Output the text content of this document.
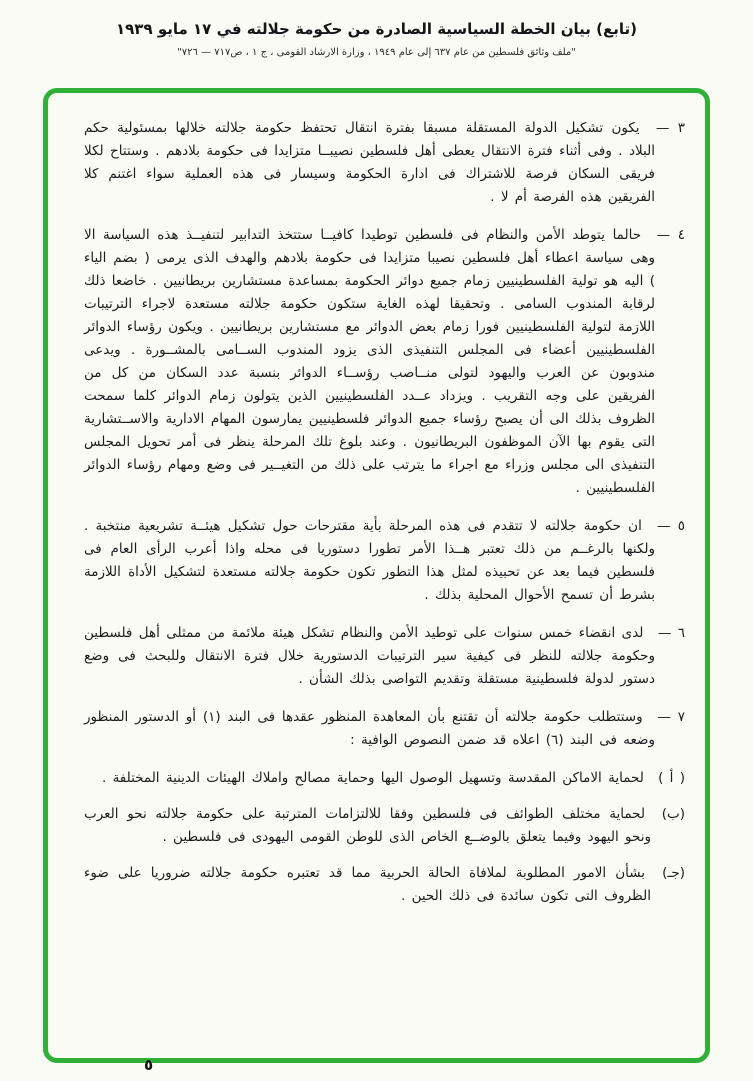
(تابع) بيان الخطة السياسية الصادرة من حكومة جلالته في ١٧ مايو ١٩٣٩
"ملف وثائق فلسطين من عام ٦٣٧ إلى عام ١٩٤٩ ، وزارة الارشاد القومى ، ج ١ ، ص٧١٧ — ٧٢٦"
٣ — يكون تشكيل الدولة المستقلة مسبقا بفترة انتقال تحتفظ حكومة جلالته خلالها بمسئولية حكم البلاد . وفى أثناء فترة الانتقال يعطى أهل فلسطين نصيبــا متزايدا فى حكومة بلادهم . وستتاح لكلا فريقى السكان فرصة للاشتراك فى ادارة الحكومة وسيسار فى هذه العملية سواء اغتنم كلا الفريقين هذه الفرصة أم لا .
٤ — حالما يتوطد الأمن والنظام فى فلسطين توطيدا كافيــا ستتخذ التدابير لتنفيــذ هذه السياسة الا وهى سياسة اعطاء أهل فلسطين نصيبا متزايدا فى حكومة بلادهم والهدف الذى يرمى ( بضم الياء ) اليه هو تولية الفلسطينيين زمام جميع دوائر الحكومة بمساعدة مستشارين بريطانيين . خاضعا ذلك لرقابة المندوب السامى . وتحقيقا لهذه الغاية ستكون حكومة جلالته مستعدة لاجراء الترتيبات اللازمة لتولية الفلسطينيين فورا زمام بعض الدوائر مع مستشارين بريطانيين . ويكون رؤساء الدوائر الفلسطينيين أعضاء فى المجلس التنفيذى الذى يزود المندوب الســامى بالمشــورة . ويدعى مندوبون عن العرب واليهود لتولى منــاصب رؤســاء الدوائر بنسبة عدد السكان من كل من الفريقين على وجه التقريب . ويزداد عــدد الفلسطينيين الذين يتولون زمام الدوائر كلما سمحت الظروف بذلك الى أن يصبح رؤساء جميع الدوائر فلسطينيين يمارسون المهام الادارية والاســتشارية التى يقوم بها الآن الموظفون البريطانيون . وعند بلوغ تلك المرحلة ينظر فى أمر تحويل المجلس التنفيذى الى مجلس وزراء مع اجراء ما يترتب على ذلك من التغيــير فى وضع ومهام رؤساء الدوائر الفلسطينيين .
٥ — ان حكومة جلالته لا تتقدم فى هذه المرحلة بأية مقترحات حول تشكيل هيئــة تشريعية منتخبة . ولكنها بالرغــم من ذلك تعتبر هــذا الأمر تطورا دستوريا فى محله واذا أعرب الرأى العام فى فلسطين فيما بعد عن تحبيذه لمثل هذا التطور تكون حكومة جلالته مستعدة لتشكيل الأداة اللازمة بشرط أن تسمح الأحوال المحلية بذلك .
٦ — لدى انقضاء خمس سنوات على توطيد الأمن والنظام تشكل هيئة ملائمة من ممثلى أهل فلسطين وحكومة جلالته للنظر فى كيفية سير الترتيبات الدستورية خلال فترة الانتقال وللبحث فى وضع دستور لدولة فلسطينية مستقلة وتقديم التواصى بذلك الشأن .
٧ — وستتطلب حكومة جلالته أن تقتنع بأن المعاهدة المنظور عقدها فى البند (١) أو الدستور المنظور وضعه فى البند (٦) اعلاه قد ضمن النصوص الوافية :
( أ ) لحماية الاماكن المقدسة وتسهيل الوصول اليها وحماية مصالح واملاك الهيئات الدينية المختلفة .
(ب) لحماية مختلف الطوائف فى فلسطين وفقا للالتزامات المترتبة على حكومة جلالته نحو العرب ونحو اليهود وفيما يتعلق بالوضــع الخاص الذى للوطن القومى اليهودى فى فلسطين .
(جـ) بشأن الامور المطلوبة لملافاة الحالة الحربية مما قد تعتبره حكومة جلالته ضروريا على ضوء الظروف التى تكون سائدة فى ذلك الحين .
٥
